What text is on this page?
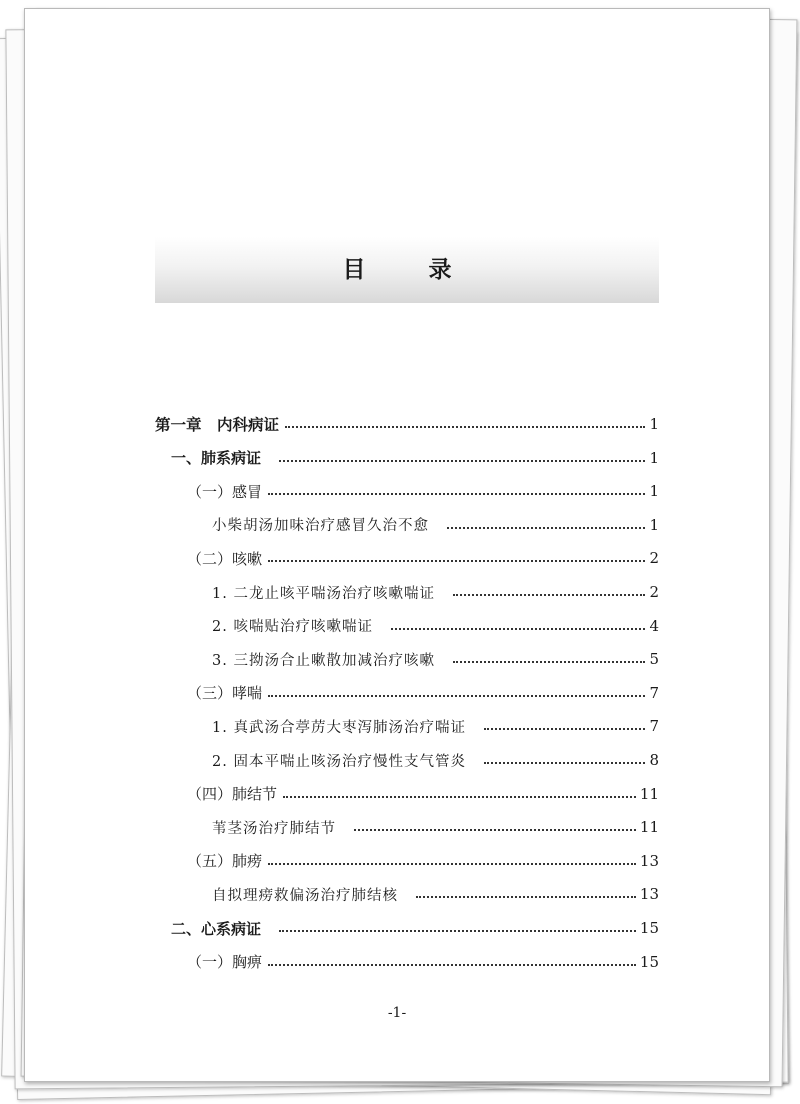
目　录
第一章　内科病证	1
一、肺系病证	1
（一）感冒	1
小柴胡汤加味治疗感冒久治不愈	1
（二）咳嗽	2
1. 二龙止咳平喘汤治疗咳嗽喘证	2
2. 咳喘贴治疗咳嗽喘证	4
3. 三拗汤合止嗽散加减治疗咳嗽	5
（三）哮喘	7
1. 真武汤合葶苈大枣泻肺汤治疗喘证	7
2. 固本平喘止咳汤治疗慢性支气管炎	8
（四）肺结节	11
苇茎汤治疗肺结节	11
（五）肺痨	13
自拟理痨救偏汤治疗肺结核	13
二、心系病证	15
（一）胸痹	15
-1-
